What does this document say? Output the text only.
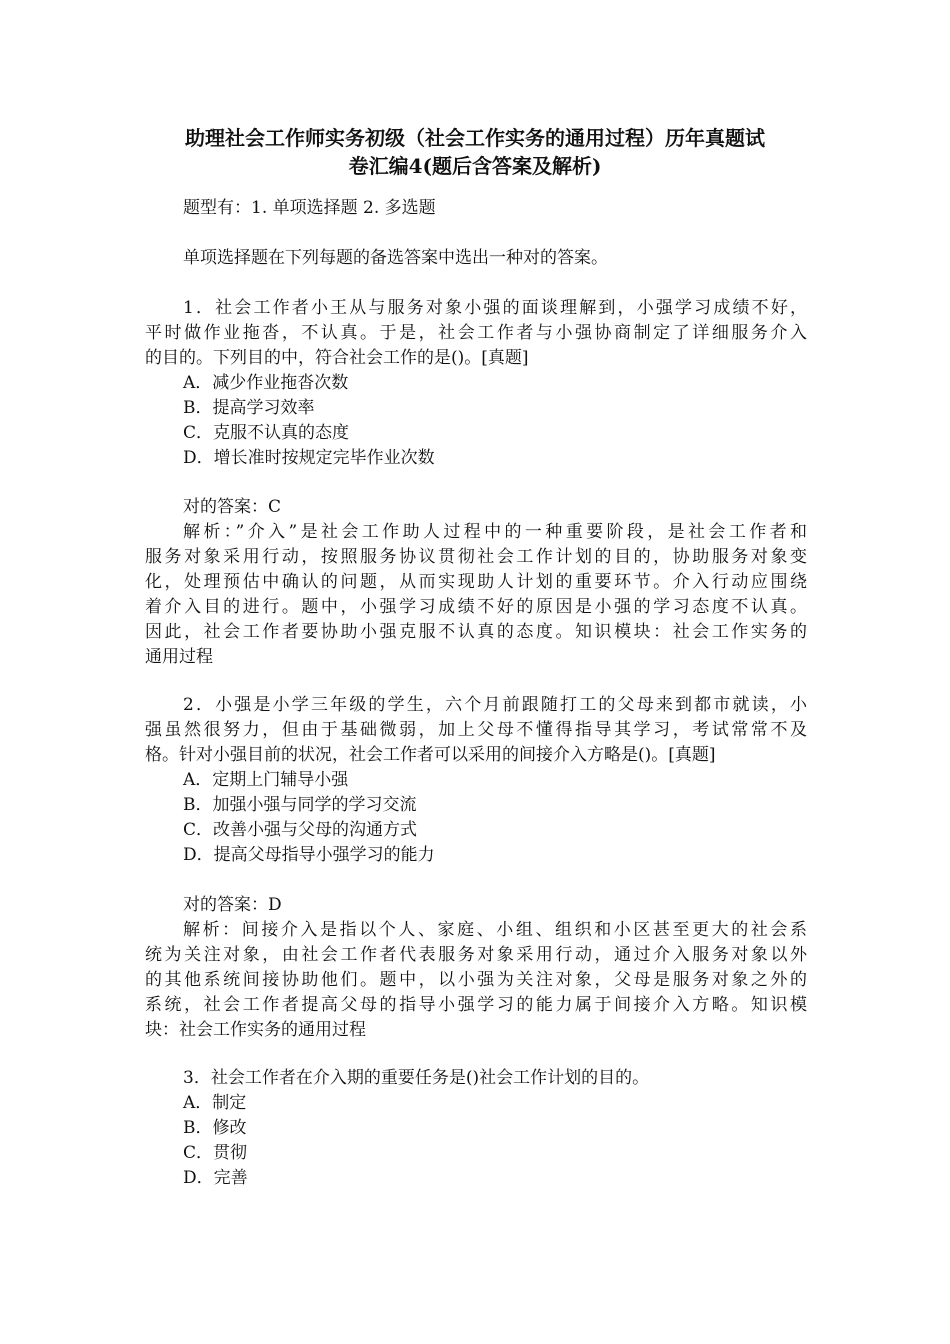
助理社会工作师实务初级（社会工作实务的通用过程）历年真题试
卷汇编4(题后含答案及解析)
题型有：1. 单项选择题 2. 多选题
单项选择题在下列每题的备选答案中选出一种对的答案。
1．社会工作者小王从与服务对象小强的面谈理解到，小强学习成绩不好，
平时做作业拖沓，不认真。于是，社会工作者与小强协商制定了详细服务介入
的目的。下列目的中，符合社会工作的是()。[真题]
A．减少作业拖沓次数
B．提高学习效率
C．克服不认真的态度
D．增长准时按规定完毕作业次数
对的答案：C
解析：”介入”是社会工作助人过程中的一种重要阶段，是社会工作者和
服务对象采用行动，按照服务协议贯彻社会工作计划的目的，协助服务对象变
化，处理预估中确认的问题，从而实现助人计划的重要环节。介入行动应围绕
着介入目的进行。题中，小强学习成绩不好的原因是小强的学习态度不认真。
因此，社会工作者要协助小强克服不认真的态度。知识模块：社会工作实务的
通用过程
2．小强是小学三年级的学生，六个月前跟随打工的父母来到都市就读，小
强虽然很努力，但由于基础微弱，加上父母不懂得指导其学习，考试常常不及
格。针对小强目前的状况，社会工作者可以采用的间接介入方略是()。[真题]
A．定期上门辅导小强
B．加强小强与同学的学习交流
C．改善小强与父母的沟通方式
D．提高父母指导小强学习的能力
对的答案：D
解析：间接介入是指以个人、家庭、小组、组织和小区甚至更大的社会系
统为关注对象，由社会工作者代表服务对象采用行动，通过介入服务对象以外
的其他系统间接协助他们。题中，以小强为关注对象，父母是服务对象之外的
系统，社会工作者提高父母的指导小强学习的能力属于间接介入方略。知识模
块：社会工作实务的通用过程
3．社会工作者在介入期的重要任务是()社会工作计划的目的。
A．制定
B．修改
C．贯彻
D．完善
